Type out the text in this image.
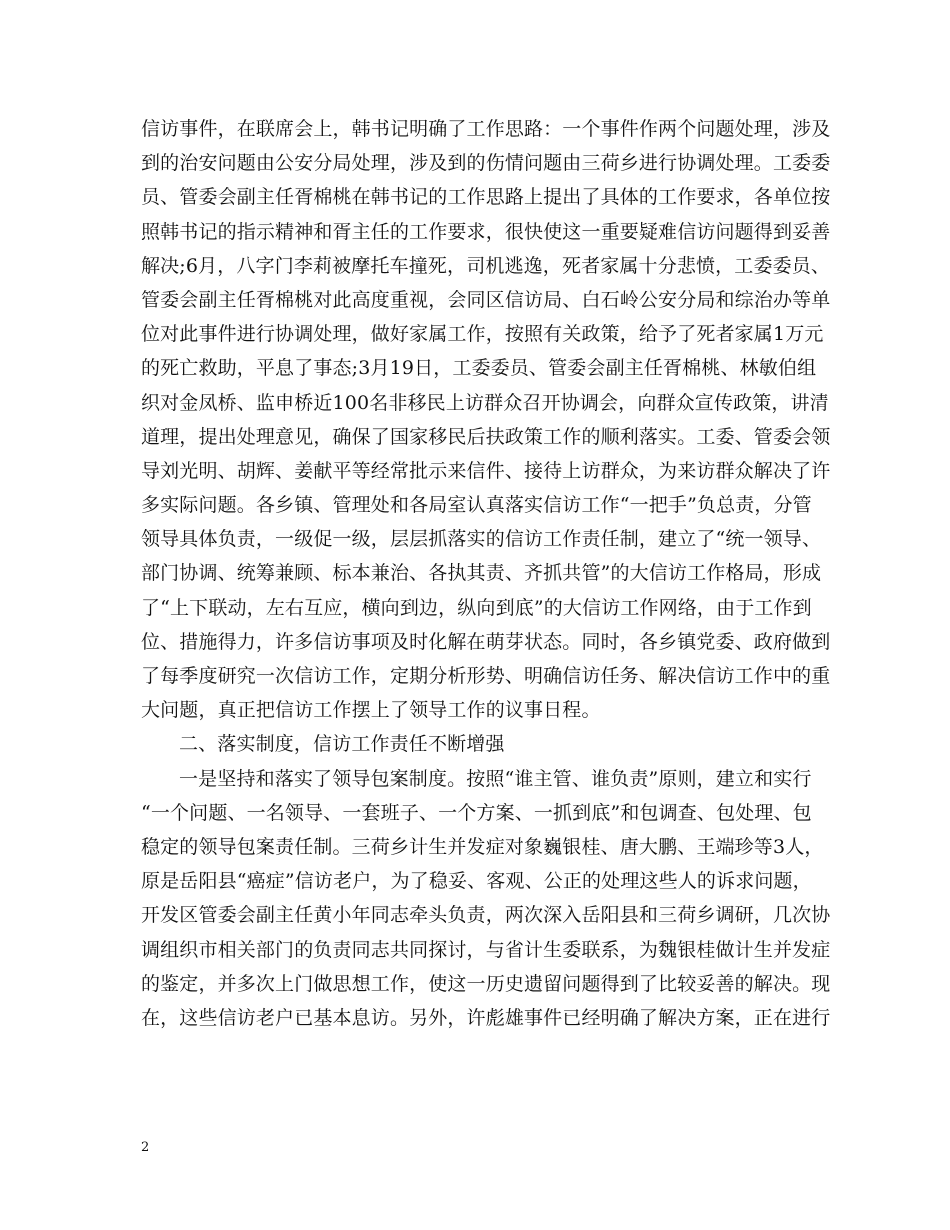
信访事件，在联席会上，韩书记明确了工作思路：一个事件作两个问题处理，涉及
到的治安问题由公安分局处理，涉及到的伤情问题由三荷乡进行协调处理。工委委
员、管委会副主任胥棉桃在韩书记的工作思路上提出了具体的工作要求，各单位按
照韩书记的指示精神和胥主任的工作要求，很快使这一重要疑难信访问题得到妥善
解决;6月，八字门李莉被摩托车撞死，司机逃逸，死者家属十分悲愤，工委委员、
管委会副主任胥棉桃对此高度重视，会同区信访局、白石岭公安分局和综治办等单
位对此事件进行协调处理，做好家属工作，按照有关政策，给予了死者家属1万元
的死亡救助，平息了事态;3月19日，工委委员、管委会副主任胥棉桃、林敏伯组
织对金凤桥、监申桥近100名非移民上访群众召开协调会，向群众宣传政策，讲清
道理，提出处理意见，确保了国家移民后扶政策工作的顺利落实。工委、管委会领
导刘光明、胡辉、姜献平等经常批示来信件、接待上访群众，为来访群众解决了许
多实际问题。各乡镇、管理处和各局室认真落实信访工作“一把手”负总责，分管
领导具体负责，一级促一级，层层抓落实的信访工作责任制，建立了“统一领导、
部门协调、统筹兼顾、标本兼治、各执其责、齐抓共管”的大信访工作格局，形成
了“上下联动，左右互应，横向到边，纵向到底”的大信访工作网络，由于工作到
位、措施得力，许多信访事项及时化解在萌芽状态。同时，各乡镇党委、政府做到
了每季度研究一次信访工作，定期分析形势、明确信访任务、解决信访工作中的重
大问题，真正把信访工作摆上了领导工作的议事日程。
二、落实制度，信访工作责任不断增强
一是坚持和落实了领导包案制度。按照“谁主管、谁负责”原则，建立和实行
“一个问题、一名领导、一套班子、一个方案、一抓到底”和包调查、包处理、包
稳定的领导包案责任制。三荷乡计生并发症对象巍银桂、唐大鹏、王端珍等3人，
原是岳阳县“癌症”信访老户，为了稳妥、客观、公正的处理这些人的诉求问题，
开发区管委会副主任黄小年同志牵头负责，两次深入岳阳县和三荷乡调研，几次协
调组织市相关部门的负责同志共同探讨，与省计生委联系，为魏银桂做计生并发症
的鉴定，并多次上门做思想工作，使这一历史遗留问题得到了比较妥善的解决。现
在，这些信访老户已基本息访。另外，许彪雄事件已经明确了解决方案，正在进行
2
